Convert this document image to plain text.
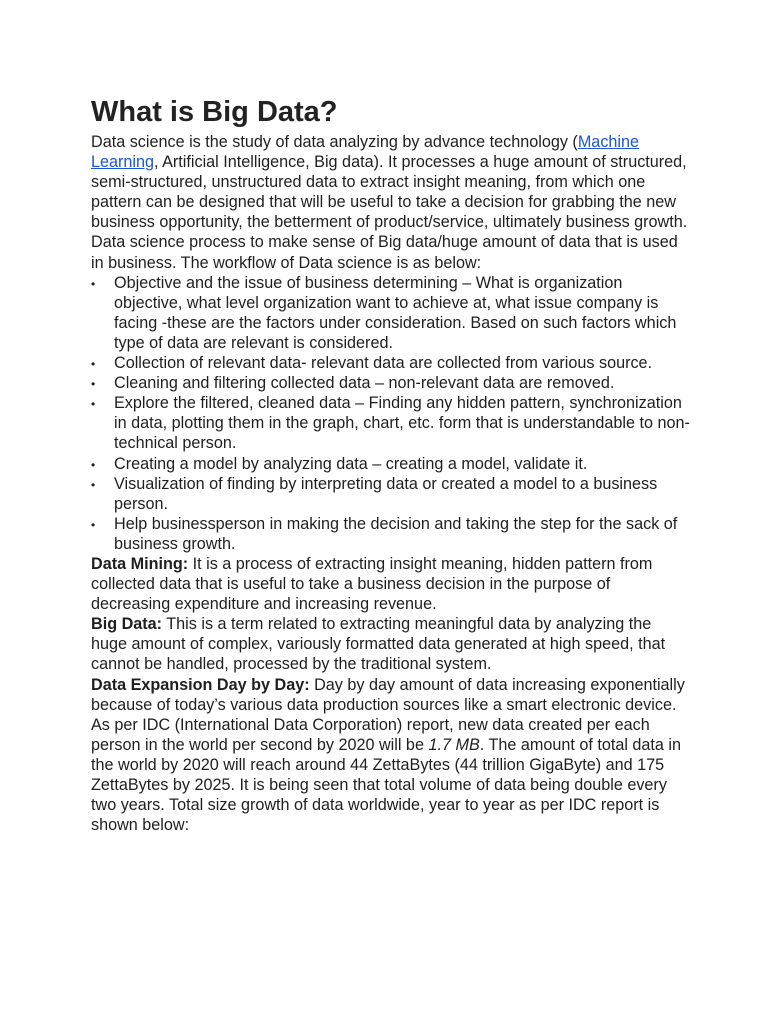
What is Big Data?

Data science is the study of data analyzing by advance technology (Machine Learning, Artificial Intelligence, Big data). It processes a huge amount of structured, semi-structured, unstructured data to extract insight meaning, from which one pattern can be designed that will be useful to take a decision for grabbing the new business opportunity, the betterment of product/service, ultimately business growth.

Data science process to make sense of Big data/huge amount of data that is used in business. The workflow of Data science is as below:

•	Objective and the issue of business determining – What is organization objective, what level organization want to achieve at, what issue company is facing -these are the factors under consideration. Based on such factors which type of data are relevant is considered.
•	Collection of relevant data- relevant data are collected from various source.
•	Cleaning and filtering collected data – non-relevant data are removed.
•	Explore the filtered, cleaned data – Finding any hidden pattern, synchronization in data, plotting them in the graph, chart, etc. form that is understandable to non-technical person.
•	Creating a model by analyzing data – creating a model, validate it.
•	Visualization of finding by interpreting data or created a model to a business person.
•	Help businessperson in making the decision and taking the step for the sack of business growth.

Data Mining: It is a process of extracting insight meaning, hidden pattern from collected data that is useful to take a business decision in the purpose of decreasing expenditure and increasing revenue.

Big Data: This is a term related to extracting meaningful data by analyzing the huge amount of complex, variously formatted data generated at high speed, that cannot be handled, processed by the traditional system.

Data Expansion Day by Day: Day by day amount of data increasing exponentially because of today’s various data production sources like a smart electronic device. As per IDC (International Data Corporation) report, new data created per each person in the world per second by 2020 will be 1.7 MB. The amount of total data in the world by 2020 will reach around 44 ZettaBytes (44 trillion GigaByte) and 175 ZettaBytes by 2025. It is being seen that total volume of data being double every two years. Total size growth of data worldwide, year to year as per IDC report is shown below:
